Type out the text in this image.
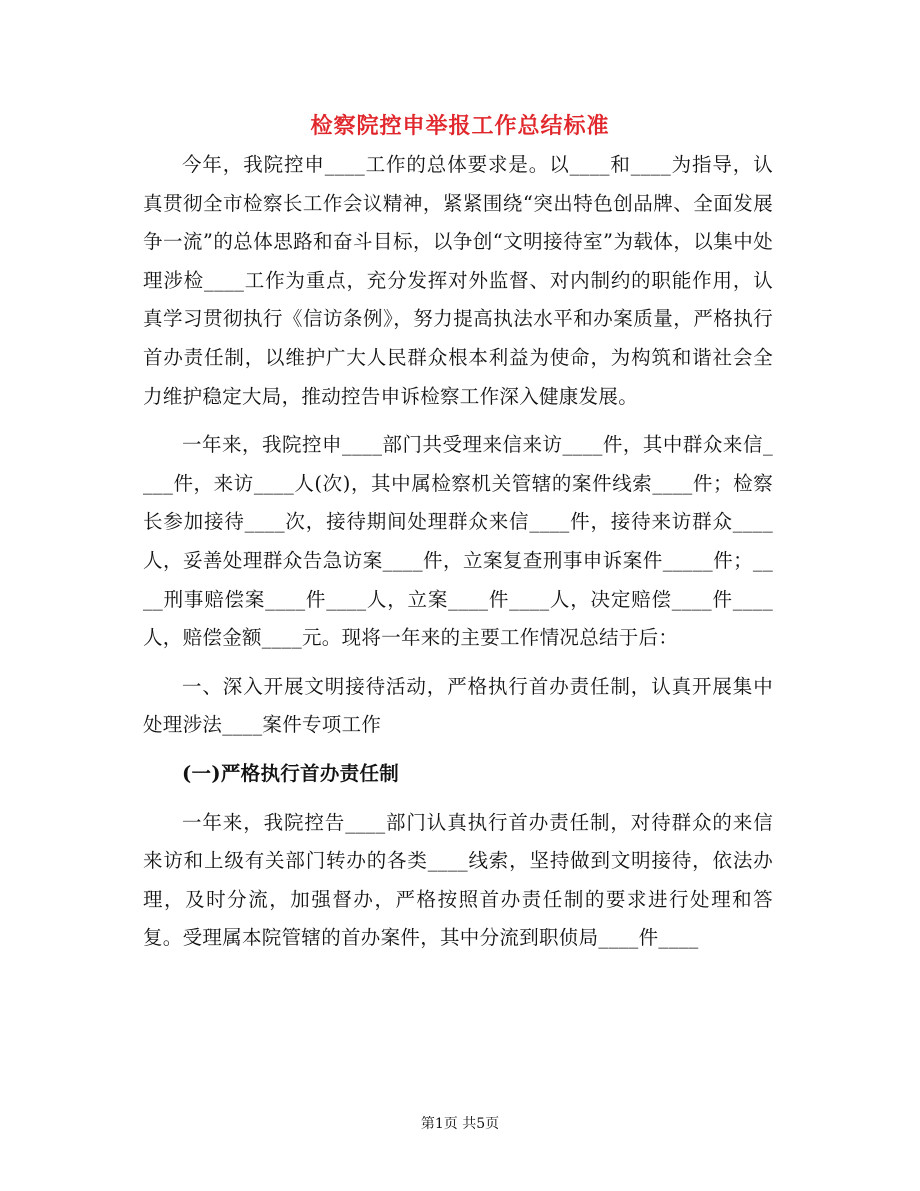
检察院控申举报工作总结标准

今年，我院控申____工作的总体要求是。以____和____为指导，认真贯彻全市检察长工作会议精神，紧紧围绕“突出特色创品牌、全面发展争一流”的总体思路和奋斗目标，以争创“文明接待室”为载体，以集中处理涉检____工作为重点，充分发挥对外监督、对内制约的职能作用，认真学习贯彻执行《信访条例》，努力提高执法水平和办案质量，严格执行首办责任制，以维护广大人民群众根本利益为使命，为构筑和谐社会全力维护稳定大局，推动控告申诉检察工作深入健康发展。

一年来，我院控申____部门共受理来信来访____件，其中群众来信____件，来访____人(次)，其中属检察机关管辖的案件线索____件；检察长参加接待____次，接待期间处理群众来信____件，接待来访群众____人，妥善处理群众告急访案____件，立案复查刑事申诉案件_____件；____刑事赔偿案____件____人，立案____件____人，决定赔偿____件____人，赔偿金额____元。现将一年来的主要工作情况总结于后：

一、深入开展文明接待活动，严格执行首办责任制，认真开展集中处理涉法____案件专项工作

(一)严格执行首办责任制

一年来，我院控告____部门认真执行首办责任制，对待群众的来信来访和上级有关部门转办的各类____线索，坚持做到文明接待，依法办理，及时分流，加强督办，严格按照首办责任制的要求进行处理和答复。受理属本院管辖的首办案件，其中分流到职侦局____件____

第1页 共5页
